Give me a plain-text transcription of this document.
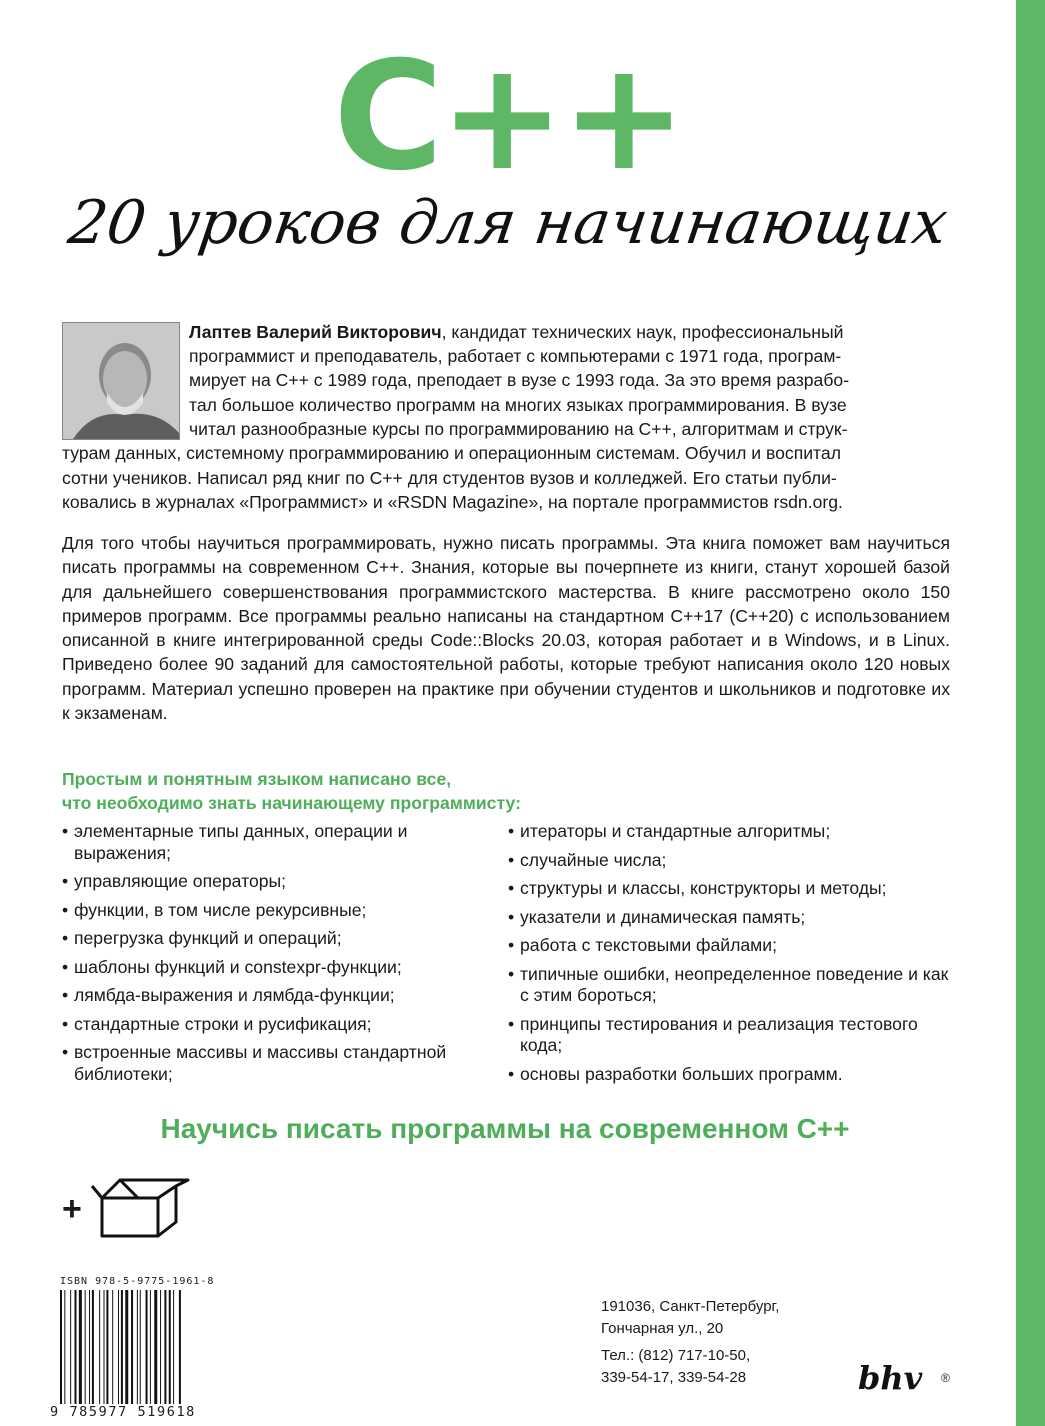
C++
20 уроков для начинающих
Лаптев Валерий Викторович, кандидат технических наук, профессиональный
программист и преподаватель, работает с компьютерами с 1971 года, програм-
мирует на С++ с 1989 года, преподает в вузе с 1993 года. За это время разрабо-
тал большое количество программ на многих языках программирования. В вузе
читал разнообразные курсы по программированию на С++, алгоритмам и струк-
турам данных, системному программированию и операционным системам. Обучил и воспитал
сотни учеников. Написал ряд книг по С++ для студентов вузов и колледжей. Его статьи публи-
ковались в журналах «Программист» и «RSDN Magazine», на портале программистов rsdn.org.
Для того чтобы научиться программировать, нужно писать программы. Эта книга поможет вам научиться писать программы на современном С++. Знания, которые вы почерпнете из книги, станут хорошей базой для дальнейшего совершенствования программистского мастерства. В книге рассмотрено около 150 примеров программ. Все программы реально написаны на стандартном С++17 (С++20) с использованием описанной в книге интегрированной среды Code::Blocks 20.03, которая работает и в Windows, и в Linux. Приведено более 90 заданий для самостоятельной работы, которые требуют написания около 120 новых программ. Материал успешно проверен на практике при обучении студентов и школьников и подготовке их к экзаменам.
Простым и понятным языком написано все,
что необходимо знать начинающему программисту:
• элементарные типы данных, операции и выражения;
• управляющие операторы;
• функции, в том числе рекурсивные;
• перегрузка функций и операций;
• шаблоны функций и constexpr-функции;
• лямбда-выражения и лямбда-функции;
• стандартные строки и русификация;
• встроенные массивы и массивы стандартной библиотеки;
• итераторы и стандартные алгоритмы;
• случайные числа;
• структуры и классы, конструкторы и методы;
• указатели и динамическая память;
• работа с текстовыми файлами;
• типичные ошибки, неопределенное поведение и как с этим бороться;
• принципы тестирования и реализация тестового кода;
• основы разработки больших программ.
Научись писать программы на современном С++
+
ISBN 978-5-9775-1961-8
9 785977 519618
191036, Санкт-Петербург,
Гончарная ул., 20
Тел.: (812) 717-10-50,
339-54-17, 339-54-28	bhv ®
